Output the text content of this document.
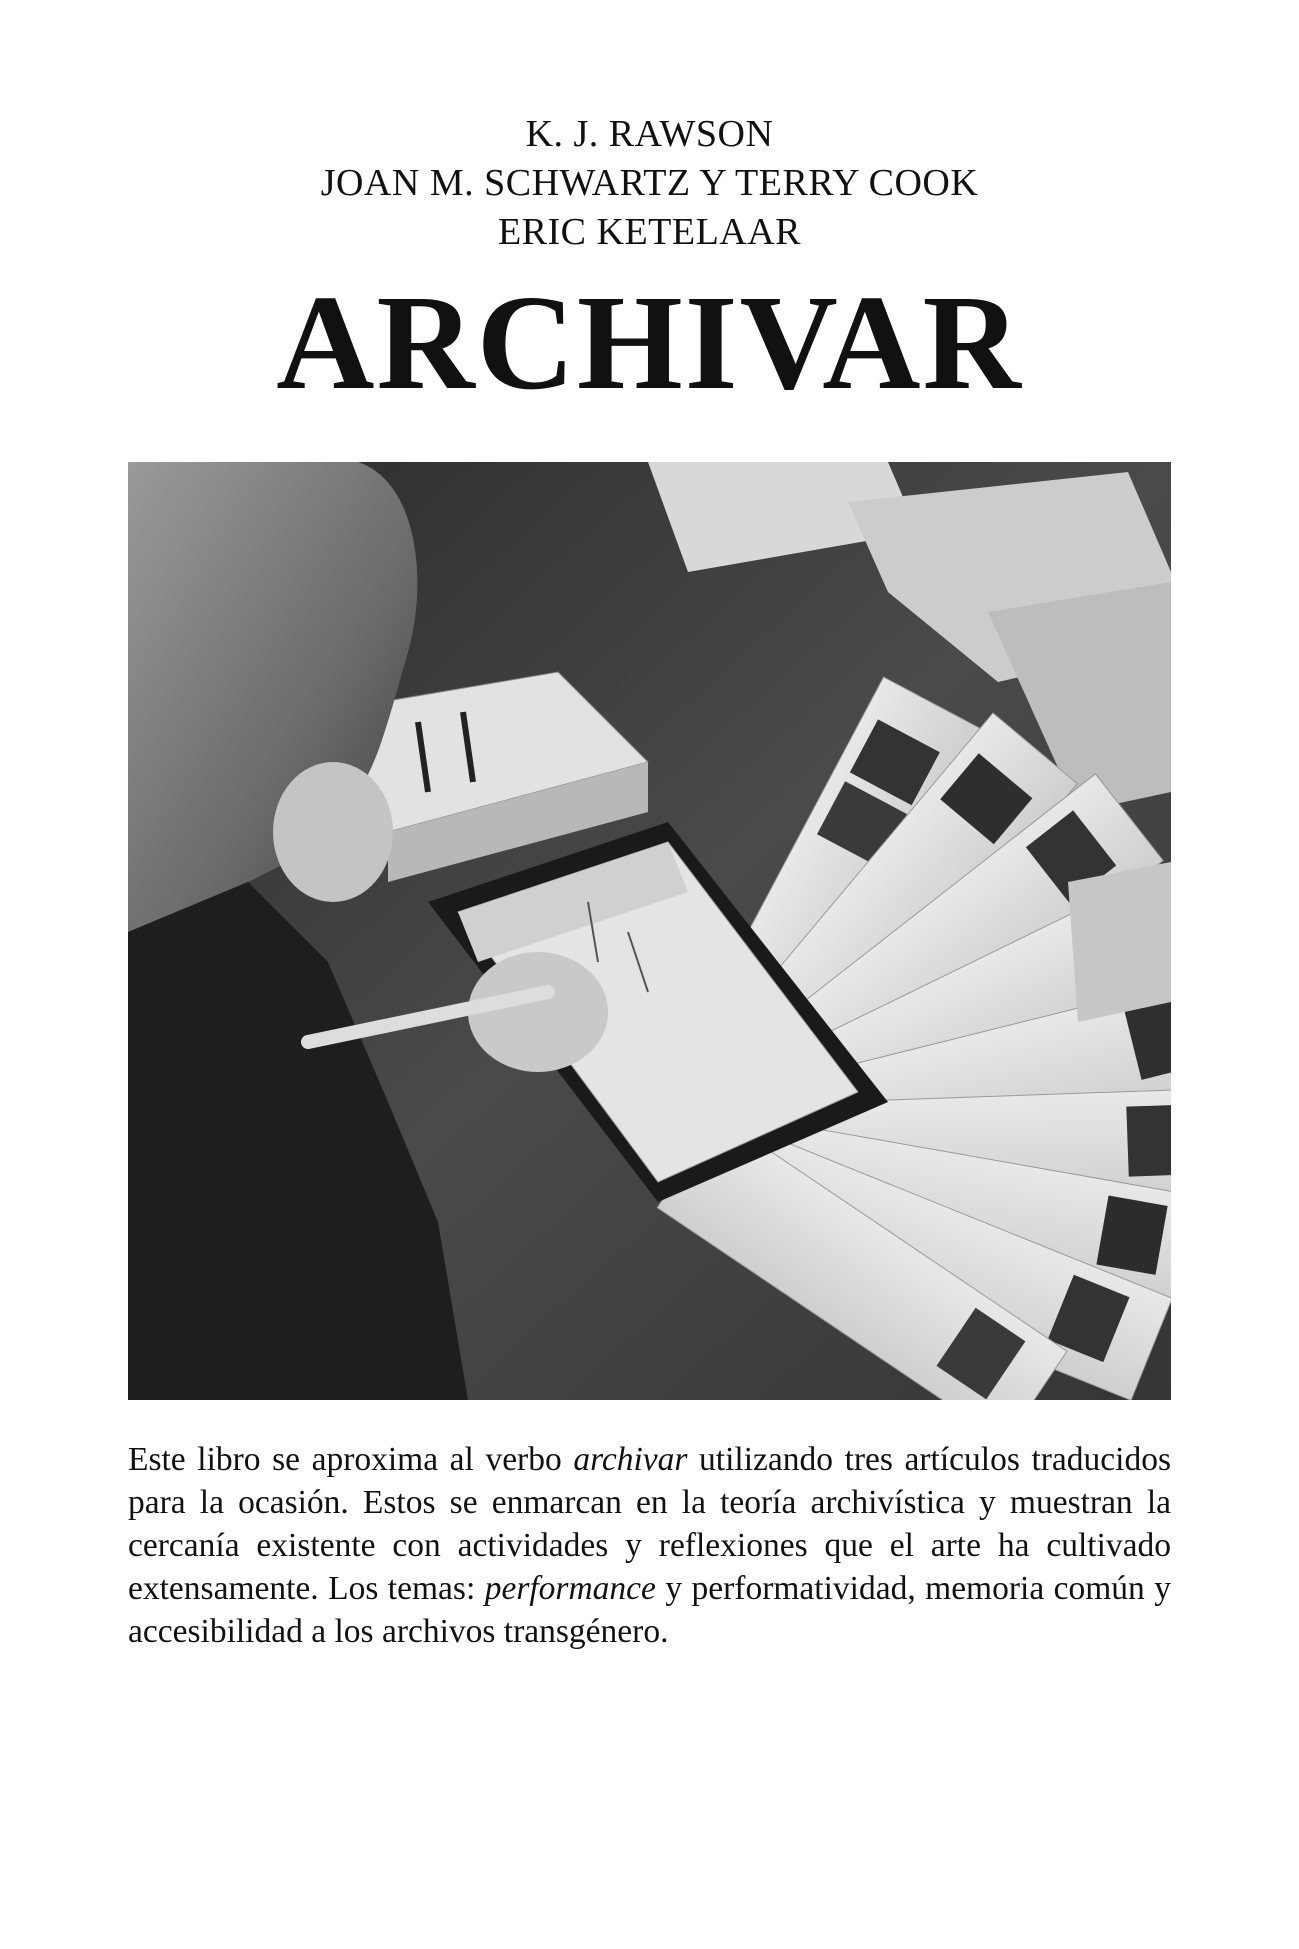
K. J. RAWSON
JOAN M. SCHWARTZ Y TERRY COOK
ERIC KETELAAR
ARCHIVAR
Este libro se aproxima al verbo archivar utilizando tres artículos traducidos para la ocasión. Estos se enmarcan en la teoría archivística y muestran la cercanía existente con actividades y reflexiones que el arte ha cultivado extensamente. Los temas: performance y performatividad, memoria común y accesibilidad a los archivos transgénero.
